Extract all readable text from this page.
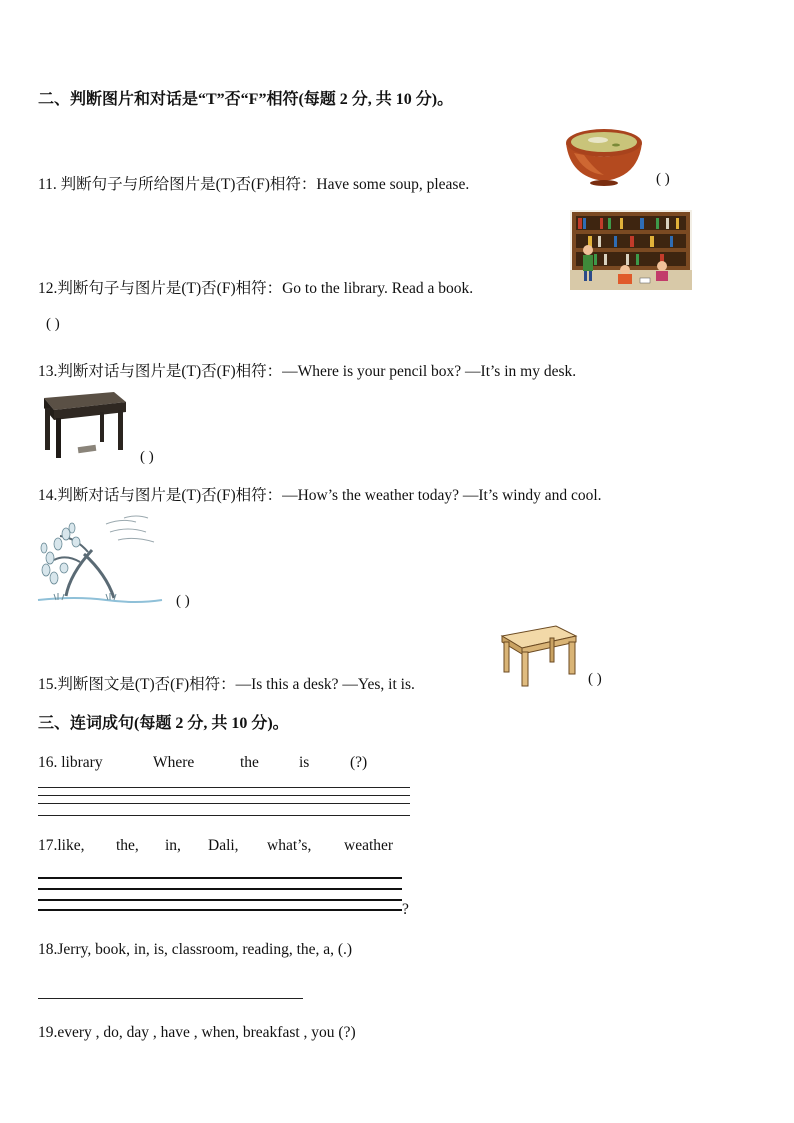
二、判断图片和对话是“T”否“F”相符(每题 2 分, 共 10 分)。
11. 判断句子与所给图片是(T)否(F)相符：Have some soup, please.	( )
12.判断句子与图片是(T)否(F)相符：Go to the library. Read a book.
( )
13.判断对话与图片是(T)否(F)相符：—Where is your pencil box? —It’s in my desk.
( )
14.判断对话与图片是(T)否(F)相符：—How’s the weather today? —It’s windy and cool.
( )
15.判断图文是(T)否(F)相符：—Is this a desk? —Yes, it is.	( )
三、连词成句(每题 2 分, 共 10 分)。
16. library	Where	the	is	(?)
17.like, the, in, Dali, what’s, weather
?
18.Jerry, book, in, is, classroom, reading, the, a, (.)
19.every , do, day , have , when, breakfast , you (?)
